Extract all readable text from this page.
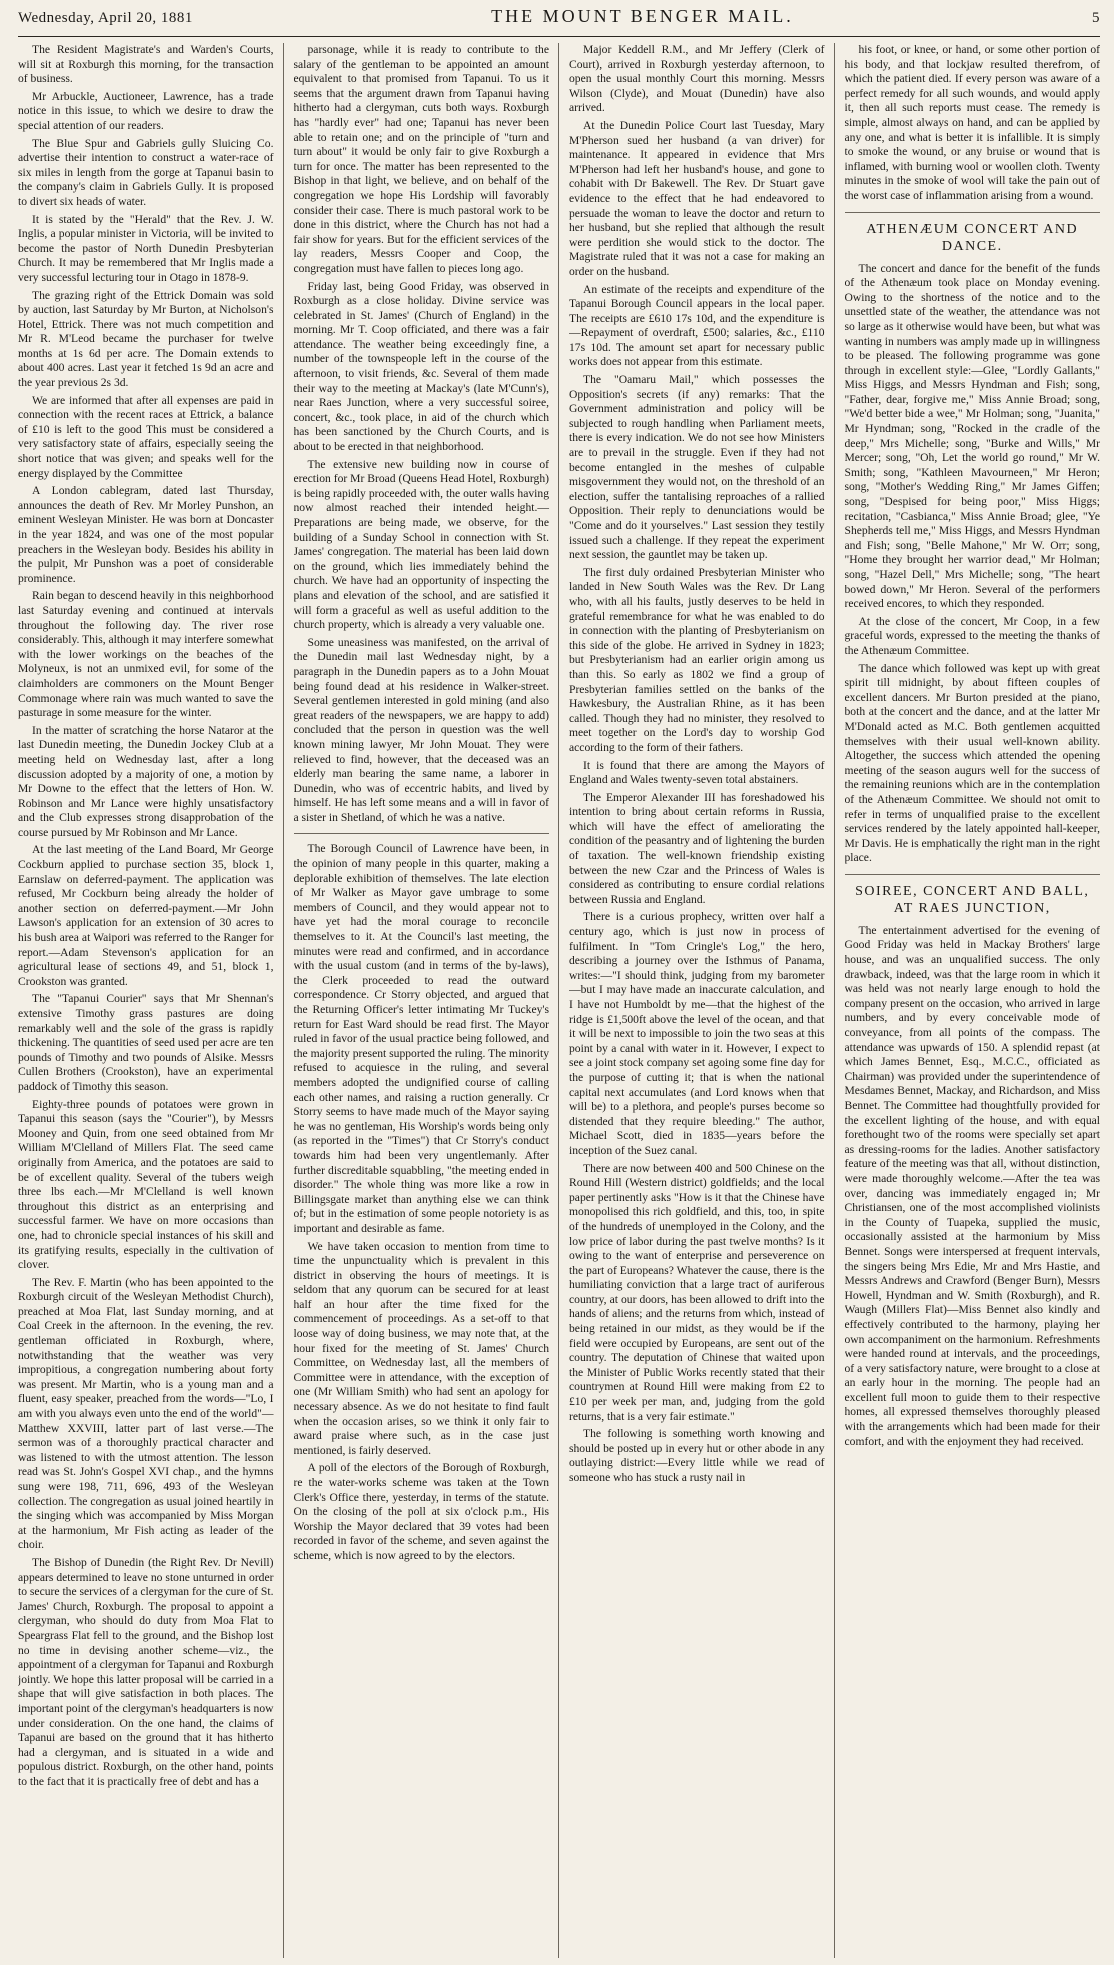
Wednesday, April 20, 1881	THE MOUNT BENGER MAIL.	5

The Resident Magistrate's and Warden's Courts, will sit at Roxburgh this morning, for the transaction of business.

Mr Arbuckle, Auctioneer, Lawrence, has a trade notice in this issue, to which we desire to draw the special attention of our readers.

The Blue Spur and Gabriels gully Sluicing Co. advertise their intention to construct a water-race of six miles in length from the gorge at Tapanui basin to the company's claim in Gabriels Gully. It is proposed to divert six heads of water.

It is stated by the "Herald" that the Rev. J. W. Inglis, a popular minister in Victoria, will be invited to become the pastor of North Dunedin Presbyterian Church. It may be remembered that Mr Inglis made a very successful lecturing tour in Otago in 1878-9.

The grazing right of the Ettrick Domain was sold by auction, last Saturday by Mr Burton, at Nicholson's Hotel, Ettrick. There was not much competition and Mr R. M'Leod became the purchaser for twelve months at 1s 6d per acre. The Domain extends to about 400 acres. Last year it fetched 1s 9d an acre and the year previous 2s 3d.

We are informed that after all expenses are paid in connection with the recent races at Ettrick, a balance of £10 is left to the good This must be considered a very satisfactory state of affairs, especially seeing the short notice that was given; and speaks well for the energy displayed by the Committee

A London cablegram, dated last Thursday, announces the death of Rev. Mr Morley Punshon, an eminent Wesleyan Minister. He was born at Doncaster in the year 1824, and was one of the most popular preachers in the Wesleyan body. Besides his ability in the pulpit, Mr Punshon was a poet of considerable prominence.

Rain began to descend heavily in this neighborhood last Saturday evening and continued at intervals throughout the following day. The river rose considerably. This, although it may interfere somewhat with the lower workings on the beaches of the Molyneux, is not an unmixed evil, for some of the claimholders are commoners on the Mount Benger Commonage where rain was much wanted to save the pasturage in some measure for the winter.

In the matter of scratching the horse Nataror at the last Dunedin meeting, the Dunedin Jockey Club at a meeting held on Wednesday last, after a long discussion adopted by a majority of one, a motion by Mr Downe to the effect that the letters of Hon. W. Robinson and Mr Lance were highly unsatisfactory and the Club expresses strong disapprobation of the course pursued by Mr Robinson and Mr Lance.

At the last meeting of the Land Board, Mr George Cockburn applied to purchase section 35, block 1, Earnslaw on deferred-payment. The application was refused, Mr Cockburn being already the holder of another section on deferred-payment.—Mr John Lawson's application for an extension of 30 acres to his bush area at Waipori was referred to the Ranger for report.—Adam Stevenson's application for an agricultural lease of sections 49, and 51, block 1, Crookston was granted.

The "Tapanui Courier" says that Mr Shennan's extensive Timothy grass pastures are doing remarkably well and the sole of the grass is rapidly thickening. The quantities of seed used per acre are ten pounds of Timothy and two pounds of Alsike. Messrs Cullen Brothers (Crookston), have an experimental paddock of Timothy this season.

Eighty-three pounds of potatoes were grown in Tapanui this season (says the "Courier"), by Messrs Mooney and Quin, from one seed obtained from Mr William M'Clelland of Millers Flat. The seed came originally from America, and the potatoes are said to be of excellent quality. Several of the tubers weigh three lbs each.—Mr M'Clelland is well known throughout this district as an enterprising and successful farmer. We have on more occasions than one, had to chronicle special instances of his skill and its gratifying results, especially in the cultivation of clover.

The Rev. F. Martin (who has been appointed to the Roxburgh circuit of the Wesleyan Methodist Church), preached at Moa Flat, last Sunday morning, and at Coal Creek in the afternoon. In the evening, the rev. gentleman officiated in Roxburgh, where, notwithstanding that the weather was very impropitious, a congregation numbering about forty was present. Mr Martin, who is a young man and a fluent, easy speaker, preached from the words—"Lo, I am with you always even unto the end of the world"—Matthew XXVIII, latter part of last verse.—The sermon was of a thoroughly practical character and was listened to with the utmost attention. The lesson read was St. John's Gospel XVI chap., and the hymns sung were 198, 711, 696, 493 of the Wesleyan collection. The congregation as usual joined heartily in the singing which was accompanied by Miss Morgan at the harmonium, Mr Fish acting as leader of the choir.

The Bishop of Dunedin (the Right Rev. Dr Nevill) appears determined to leave no stone unturned in order to secure the services of a clergyman for the cure of St. James' Church, Roxburgh. The proposal to appoint a clergyman, who should do duty from Moa Flat to Speargrass Flat fell to the ground, and the Bishop lost no time in devising another scheme—viz., the appointment of a clergyman for Tapanui and Roxburgh jointly. We hope this latter proposal will be carried in a shape that will give satisfaction in both places. The important point of the clergyman's headquarters is now under consideration. On the one hand, the claims of Tapanui are based on the ground that it has hitherto had a clergyman, and is situated in a wide and populous district. Roxburgh, on the other hand, points to the fact that it is practically free of debt and has a

parsonage, while it is ready to contribute to the salary of the gentleman to be appointed an amount equivalent to that promised from Tapanui. To us it seems that the argument drawn from Tapanui having hitherto had a clergyman, cuts both ways. Roxburgh has "hardly ever" had one; Tapanui has never been able to retain one; and on the principle of "turn and turn about" it would be only fair to give Roxburgh a turn for once. The matter has been represented to the Bishop in that light, we believe, and on behalf of the congregation we hope His Lordship will favorably consider their case. There is much pastoral work to be done in this district, where the Church has not had a fair show for years. But for the efficient services of the lay readers, Messrs Cooper and Coop, the congregation must have fallen to pieces long ago.

Friday last, being Good Friday, was observed in Roxburgh as a close holiday. Divine service was celebrated in St. James' (Church of England) in the morning. Mr T. Coop officiated, and there was a fair attendance. The weather being exceedingly fine, a number of the townspeople left in the course of the afternoon, to visit friends, &c. Several of them made their way to the meeting at Mackay's (late M'Cunn's), near Raes Junction, where a very successful soiree, concert, &c., took place, in aid of the church which has been sanctioned by the Church Courts, and is about to be erected in that neighborhood.

The extensive new building now in course of erection for Mr Broad (Queens Head Hotel, Roxburgh) is being rapidly proceeded with, the outer walls having now almost reached their intended height.—Preparations are being made, we observe, for the building of a Sunday School in connection with St. James' congregation. The material has been laid down on the ground, which lies immediately behind the church. We have had an opportunity of inspecting the plans and elevation of the school, and are satisfied it will form a graceful as well as useful addition to the church property, which is already a very valuable one.

Some uneasiness was manifested, on the arrival of the Dunedin mail last Wednesday night, by a paragraph in the Dunedin papers as to a John Mouat being found dead at his residence in Walker-street. Several gentlemen interested in gold mining (and also great readers of the newspapers, we are happy to add) concluded that the person in question was the well known mining lawyer, Mr John Mouat. They were relieved to find, however, that the deceased was an elderly man bearing the same name, a laborer in Dunedin, who was of eccentric habits, and lived by himself. He has left some means and a will in favor of a sister in Shetland, of which he was a native.

The Borough Council of Lawrence have been, in the opinion of many people in this quarter, making a deplorable exhibition of themselves. The late election of Mr Walker as Mayor gave umbrage to some members of Council, and they would appear not to have yet had the moral courage to reconcile themselves to it. At the Council's last meeting, the minutes were read and confirmed, and in accordance with the usual custom (and in terms of the by-laws), the Clerk proceeded to read the outward correspondence. Cr Storry objected, and argued that the Returning Officer's letter intimating Mr Tuckey's return for East Ward should be read first. The Mayor ruled in favor of the usual practice being followed, and the majority present supported the ruling. The minority refused to acquiesce in the ruling, and several members adopted the undignified course of calling each other names, and raising a ruction generally. Cr Storry seems to have made much of the Mayor saying he was no gentleman, His Worship's words being only (as reported in the "Times") that Cr Storry's conduct towards him had been very ungentlemanly. After further discreditable squabbling, "the meeting ended in disorder." The whole thing was more like a row in Billingsgate market than anything else we can think of; but in the estimation of some people notoriety is as important and desirable as fame.

We have taken occasion to mention from time to time the unpunctuality which is prevalent in this district in observing the hours of meetings. It is seldom that any quorum can be secured for at least half an hour after the time fixed for the commencement of proceedings. As a set-off to that loose way of doing business, we may note that, at the hour fixed for the meeting of St. James' Church Committee, on Wednesday last, all the members of Committee were in attendance, with the exception of one (Mr William Smith) who had sent an apology for necessary absence. As we do not hesitate to find fault when the occasion arises, so we think it only fair to award praise where such, as in the case just mentioned, is fairly deserved.

A poll of the electors of the Borough of Roxburgh, re the water-works scheme was taken at the Town Clerk's Office there, yesterday, in terms of the statute. On the closing of the poll at six o'clock p.m., His Worship the Mayor declared that 39 votes had been recorded in favor of the scheme, and seven against the scheme, which is now agreed to by the electors.

Major Keddell R.M., and Mr Jeffery (Clerk of Court), arrived in Roxburgh yesterday afternoon, to open the usual monthly Court this morning. Messrs Wilson (Clyde), and Mouat (Dunedin) have also arrived.

At the Dunedin Police Court last Tuesday, Mary M'Pherson sued her husband (a van driver) for maintenance. It appeared in evidence that Mrs M'Pherson had left her husband's house, and gone to cohabit with Dr Bakewell. The Rev. Dr Stuart gave evidence to the effect that he had endeavored to persuade the woman to leave the doctor and return to her husband, but she replied that although the result were perdition she would stick to the doctor. The Magistrate ruled that it was not a case for making an order on the husband.

An estimate of the receipts and expenditure of the Tapanui Borough Council appears in the local paper. The receipts are £610 17s 10d, and the expenditure is—Repayment of overdraft, £500; salaries, &c., £110 17s 10d. The amount set apart for necessary public works does not appear from this estimate.

The "Oamaru Mail," which possesses the Opposition's secrets (if any) remarks: That the Government administration and policy will be subjected to rough handling when Parliament meets, there is every indication. We do not see how Ministers are to prevail in the struggle. Even if they had not become entangled in the meshes of culpable misgovernment they would not, on the threshold of an election, suffer the tantalising reproaches of a rallied Opposition. Their reply to denunciations would be "Come and do it yourselves." Last session they testily issued such a challenge. If they repeat the experiment next session, the gauntlet may be taken up.

The first duly ordained Presbyterian Minister who landed in New South Wales was the Rev. Dr Lang who, with all his faults, justly deserves to be held in grateful remembrance for what he was enabled to do in connection with the planting of Presbyterianism on this side of the globe. He arrived in Sydney in 1823; but Presbyterianism had an earlier origin among us than this. So early as 1802 we find a group of Presbyterian families settled on the banks of the Hawkesbury, the Australian Rhine, as it has been called. Though they had no minister, they resolved to meet together on the Lord's day to worship God according to the form of their fathers.

It is found that there are among the Mayors of England and Wales twenty-seven total abstainers.

The Emperor Alexander III has foreshadowed his intention to bring about certain reforms in Russia, which will have the effect of ameliorating the condition of the peasantry and of lightening the burden of taxation. The well-known friendship existing between the new Czar and the Princess of Wales is considered as contributing to ensure cordial relations between Russia and England.

There is a curious prophecy, written over half a century ago, which is just now in process of fulfilment. In "Tom Cringle's Log," the hero, describing a journey over the Isthmus of Panama, writes:—"I should think, judging from my barometer—but I may have made an inaccurate calculation, and I have not Humboldt by me—that the highest of the ridge is £1,500ft above the level of the ocean, and that it will be next to impossible to join the two seas at this point by a canal with water in it. However, I expect to see a joint stock company set agoing some fine day for the purpose of cutting it; that is when the national capital next accumulates (and Lord knows when that will be) to a plethora, and people's purses become so distended that they require bleeding." The author, Michael Scott, died in 1835—years before the inception of the Suez canal.

There are now between 400 and 500 Chinese on the Round Hill (Western district) goldfields; and the local paper pertinently asks "How is it that the Chinese have monopolised this rich goldfield, and this, too, in spite of the hundreds of unemployed in the Colony, and the low price of labor during the past twelve months? Is it owing to the want of enterprise and perseverence on the part of Europeans? Whatever the cause, there is the humiliating conviction that a large tract of auriferous country, at our doors, has been allowed to drift into the hands of aliens; and the returns from which, instead of being retained in our midst, as they would be if the field were occupied by Europeans, are sent out of the country. The deputation of Chinese that waited upon the Minister of Public Works recently stated that their countrymen at Round Hill were making from £2 to £10 per week per man, and, judging from the gold returns, that is a very fair estimate."

The following is something worth knowing and should be posted up in every hut or other abode in any outlaying district:—Every little while we read of someone who has stuck a rusty nail in

his foot, or knee, or hand, or some other portion of his body, and that lockjaw resulted therefrom, of which the patient died. If every person was aware of a perfect remedy for all such wounds, and would apply it, then all such reports must cease. The remedy is simple, almost always on hand, and can be applied by any one, and what is better it is infallible. It is simply to smoke the wound, or any bruise or wound that is inflamed, with burning wool or woollen cloth. Twenty minutes in the smoke of wool will take the pain out of the worst case of inflammation arising from a wound.

ATHENÆUM CONCERT AND DANCE.

The concert and dance for the benefit of the funds of the Athenæum took place on Monday evening. Owing to the shortness of the notice and to the unsettled state of the weather, the attendance was not so large as it otherwise would have been, but what was wanting in numbers was amply made up in willingness to be pleased. The following programme was gone through in excellent style:—Glee, "Lordly Gallants," Miss Higgs, and Messrs Hyndman and Fish; song, "Father, dear, forgive me," Miss Annie Broad; song, "We'd better bide a wee," Mr Holman; song, "Juanita," Mr Hyndman; song, "Rocked in the cradle of the deep," Mrs Michelle; song, "Burke and Wills," Mr Mercer; song, "Oh, Let the world go round," Mr W. Smith; song, "Kathleen Mavourneen," Mr Heron; song, "Mother's Wedding Ring," Mr James Giffen; song, "Despised for being poor," Miss Higgs; recitation, "Casbianca," Miss Annie Broad; glee, "Ye Shepherds tell me," Miss Higgs, and Messrs Hyndman and Fish; song, "Belle Mahone," Mr W. Orr; song, "Home they brought her warrior dead," Mr Holman; song, "Hazel Dell," Mrs Michelle; song, "The heart bowed down," Mr Heron. Several of the performers received encores, to which they responded.

At the close of the concert, Mr Coop, in a few graceful words, expressed to the meeting the thanks of the Athenæum Committee.

The dance which followed was kept up with great spirit till midnight, by about fifteen couples of excellent dancers. Mr Burton presided at the piano, both at the concert and the dance, and at the latter Mr M'Donald acted as M.C. Both gentlemen acquitted themselves with their usual well-known ability. Altogether, the success which attended the opening meeting of the season augurs well for the success of the remaining reunions which are in the contemplation of the Athenæum Committee. We should not omit to refer in terms of unqualified praise to the excellent services rendered by the lately appointed hall-keeper, Mr Davis. He is emphatically the right man in the right place.

SOIREE, CONCERT AND BALL, AT RAES JUNCTION,

The entertainment advertised for the evening of Good Friday was held in Mackay Brothers' large house, and was an unqualified success. The only drawback, indeed, was that the large room in which it was held was not nearly large enough to hold the company present on the occasion, who arrived in large numbers, and by every conceivable mode of conveyance, from all points of the compass. The attendance was upwards of 150. A splendid repast (at which James Bennet, Esq., M.C.C., officiated as Chairman) was provided under the superintendence of Mesdames Bennet, Mackay, and Richardson, and Miss Bennet. The Committee had thoughtfully provided for the excellent lighting of the house, and with equal forethought two of the rooms were specially set apart as dressing-rooms for the ladies. Another satisfactory feature of the meeting was that all, without distinction, were made thoroughly welcome.—After the tea was over, dancing was immediately engaged in; Mr Christiansen, one of the most accomplished violinists in the County of Tuapeka, supplied the music, occasionally assisted at the harmonium by Miss Bennet. Songs were interspersed at frequent intervals, the singers being Mrs Edie, Mr and Mrs Hastie, and Messrs Andrews and Crawford (Benger Burn), Messrs Howell, Hyndman and W. Smith (Roxburgh), and R. Waugh (Millers Flat)—Miss Bennet also kindly and effectively contributed to the harmony, playing her own accompaniment on the harmonium. Refreshments were handed round at intervals, and the proceedings, of a very satisfactory nature, were brought to a close at an early hour in the morning. The people had an excellent full moon to guide them to their respective homes, all expressed themselves thoroughly pleased with the arrangements which had been made for their comfort, and with the enjoyment they had received.
